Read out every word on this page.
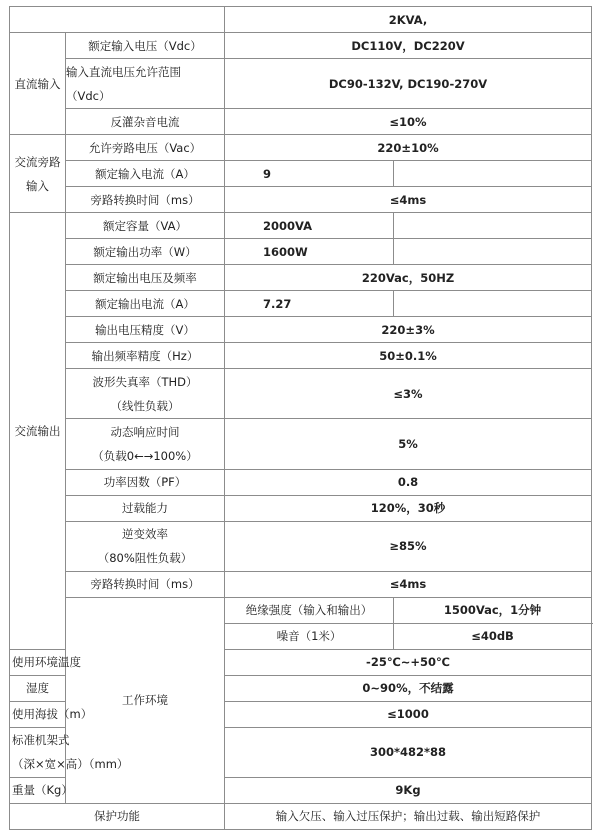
		2KVA,	
直流输入	额定输入电压（Vdc）	DC110V，DC220V	

	输入直流电压允许范围
（Vdc）	DC90-132V, DC190-270V	
	反灌杂音电流	≤10%	

交流旁路
输入	允许旁路电压（Vac）	220±10%	
	额定输入电流（A）	9	
	旁路转换时间（ms）	≤4ms	
交流输出	额定容量（VA）	2000VA	
	额定输出功率（W）	1600W	
	额定输出电压及频率	220Vac，50HZ	
	额定输出电流（A）	7.27	
	输出电压精度（V）	220±3%	
	输出频率精度（Hz）	50±0.1%	

	波形失真率（THD）
（线性负载）	≤3%	

	动态响应时间
（负载0←→100%）	5%	
	功率因数（PF）	0.8	
	过载能力	120%，30秒	

	逆变效率
（80%阻性负载）	≥85%	
	旁路转换时间（ms）	≤4ms	
	工作环境	绝缘强度（输入和输出）	1500Vac，1分钟
		噪音（1米）	≤40dB
使用环境温度		-25℃~+50℃	
湿度		0~90%，不结露	
使用海拔（m）		≤1000	

标准机架式
（深×宽×高）（mm）		300*482*88	
重量（Kg）		9Kg	
保护功能		输入欠压、输入过压保护；输出过载、输出短路保护	
